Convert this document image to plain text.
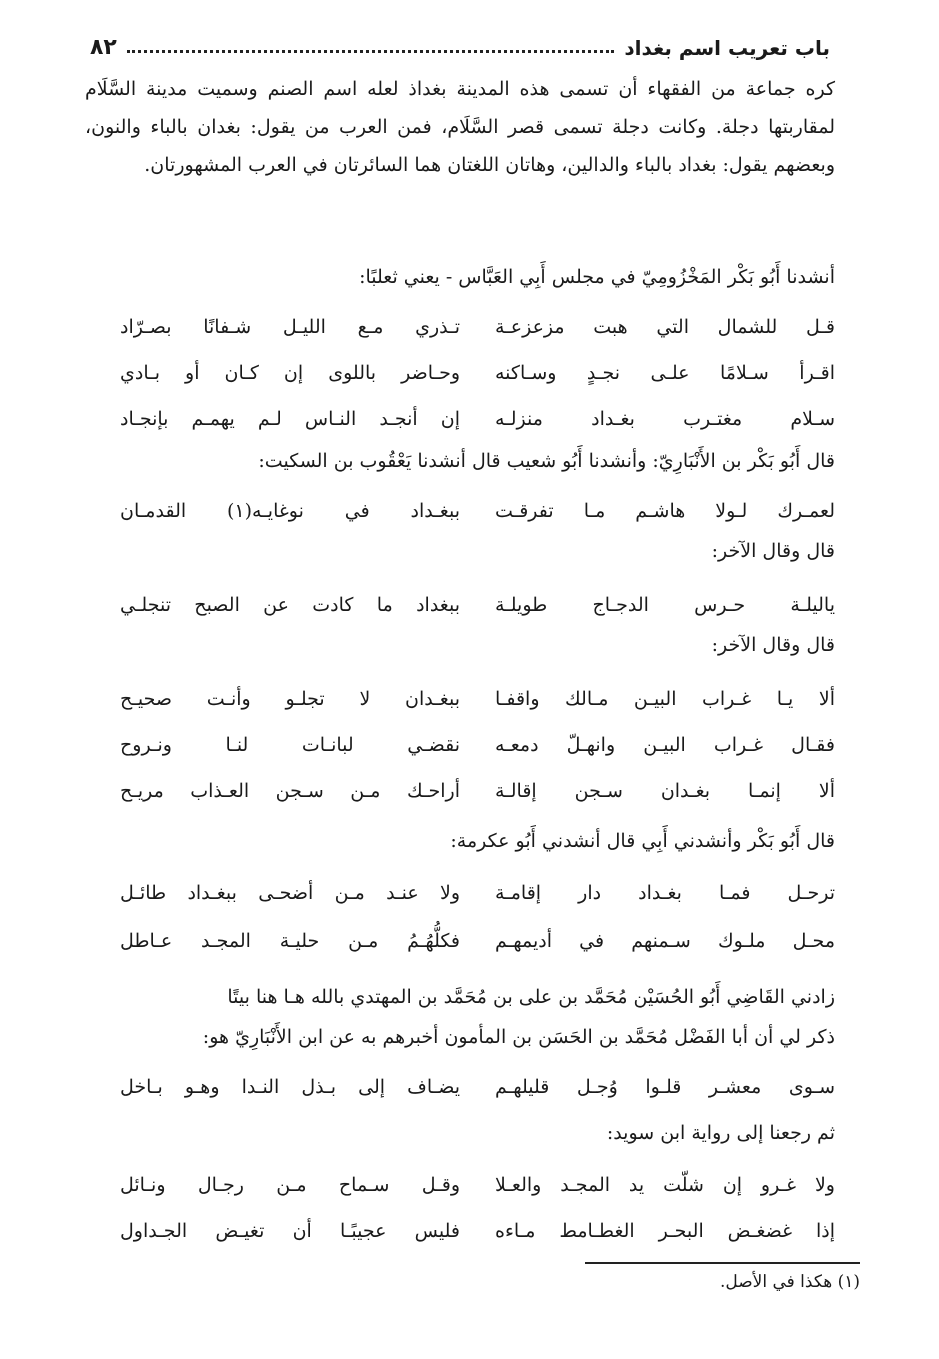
باب تعريب اسم بغداد
٨٢
كره جماعة من الفقهاء أن تسمى هذه المدينة بغداذ لعله اسم الصنم وسميت مدينة السَّلَام لمقاربتها دجلة. وكانت دجلة تسمى قصر السَّلَام، فمن العرب من يقول: بغدان بالباء والنون، وبعضهم يقول: بغداد بالباء والدالين، وهاتان اللغتان هما السائرتان في العرب المشهورتان.
أنشدنا أَبُو بَكْر المَخْزُومِيّ في مجلس أَبِي العَبَّاس - يعني ثعلبًا:
قـل للشمال التي هبت مزعزعـة
تـذري مـع الليـل شـفانًا بصـرّاد
اقـرأ سـلامًا علـى نجـدٍ وسـاكنه
وحـاضر باللوى إن كـان أو بـادي
سـلام مغتـرب بغـداد منزلـه
إن أنجـد النـاس لـم يهمـم بإنجـاد
قال أَبُو بَكْر بن الأَنْبَارِيّ: وأنشدنا أَبُو شعيب قال أنشدنا يَعْقُوب بن السكيت:
لعمـرك لـولا هاشـم مـا تفرقـت
ببغـداد في نوغايـه(١) القدمـان
قال وقال الآخر:
ياليلـة حـرس الدجـاج طويلـة
ببغداد ما كادت عن الصبح تنجلـي
قال وقال الآخر:
ألا يـا غـراب البيـن مـالك واقفـا
ببغـدان لا تجلـو وأنـت صحيـح
فقـال غـراب البيـن وانهـلّ دمعـه
نقضـي لبانـات لنـا ونـروح
ألا إنمـا بغـدان سـجن إقالـة
أراحـك مـن سـجن العـذاب مريـح
قال أَبُو بَكْر وأنشدني أَبِي قال أنشدني أَبُو عكرمة:
ترحـل فمـا بغـداد دار إقامـة
ولا عنـد مـن أضحـى ببغـداد طائـل
محـل ملـوك سـمنهم في أديمهـم
فكلُّهُـمُ مـن حليـة المجـد عـاطل
زادني القَاضِي أَبُو الحُسَيْن مُحَمَّد بن على بن مُحَمَّد بن المهتدي بالله هـا هنا بيتًا
ذكر لي أن أبا الفَضْل مُحَمَّد بن الحَسَن بن المأمون أخبرهم به عن ابن الأَنْبَارِيّ هو:
سـوى معشـر قلـوا وُجـل قليلهـم
يضـاف إلى بـذل النـدا وهـو بـاخل
ثم رجعنا إلى رواية ابن سويد:
ولا غـرو إن شلّت يد المجـد والعـلا
وقـل سـماح مـن رجـال ونـائل
إذا غضغـض البحـر الغطـامط مـاءه
فليس عجيبًـا أن تغيـض الجـداول
(١) هكذا في الأصل.
